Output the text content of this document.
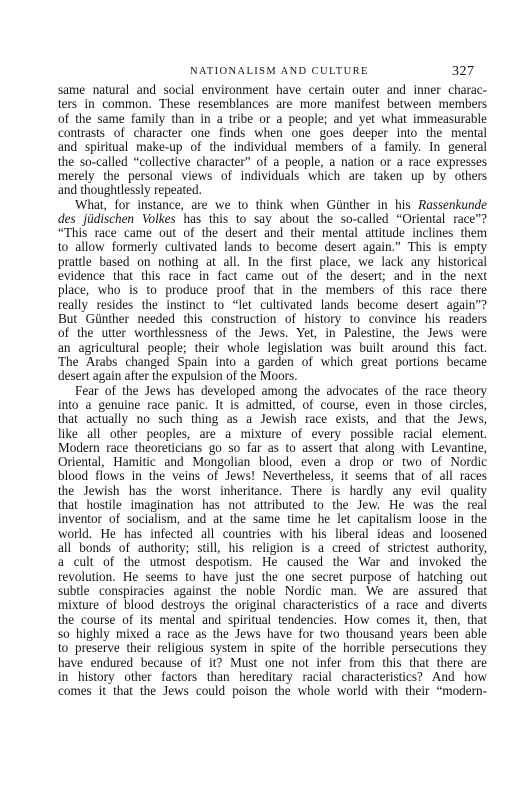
NATIONALISM AND CULTURE	327
same natural and social environment have certain outer and inner charac-
ters in common. These resemblances are more manifest between members
of the same family than in a tribe or a people; and yet what immeasurable
contrasts of character one finds when one goes deeper into the mental
and spiritual make-up of the individual members of a family. In general
the so-called “collective character” of a people, a nation or a race expresses
merely the personal views of individuals which are taken up by others
and thoughtlessly repeated.
What, for instance, are we to think when Günther in his Rassenkunde
des jüdischen Volkes has this to say about the so-called “Oriental race”?
“This race came out of the desert and their mental attitude inclines them
to allow formerly cultivated lands to become desert again.” This is empty
prattle based on nothing at all. In the first place, we lack any historical
evidence that this race in fact came out of the desert; and in the next
place, who is to produce proof that in the members of this race there
really resides the instinct to “let cultivated lands become desert again”?
But Günther needed this construction of history to convince his readers
of the utter worthlessness of the Jews. Yet, in Palestine, the Jews were
an agricultural people; their whole legislation was built around this fact.
The Arabs changed Spain into a garden of which great portions became
desert again after the expulsion of the Moors.
Fear of the Jews has developed among the advocates of the race theory
into a genuine race panic. It is admitted, of course, even in those circles,
that actually no such thing as a Jewish race exists, and that the Jews,
like all other peoples, are a mixture of every possible racial element.
Modern race theoreticians go so far as to assert that along with Levantine,
Oriental, Hamitic and Mongolian blood, even a drop or two of Nordic
blood flows in the veins of Jews! Nevertheless, it seems that of all races
the Jewish has the worst inheritance. There is hardly any evil quality
that hostile imagination has not attributed to the Jew. He was the real
inventor of socialism, and at the same time he let capitalism loose in the
world. He has infected all countries with his liberal ideas and loosened
all bonds of authority; still, his religion is a creed of strictest authority,
a cult of the utmost despotism. He caused the War and invoked the
revolution. He seems to have just the one secret purpose of hatching out
subtle conspiracies against the noble Nordic man. We are assured that
mixture of blood destroys the original characteristics of a race and diverts
the course of its mental and spiritual tendencies. How comes it, then, that
so highly mixed a race as the Jews have for two thousand years been able
to preserve their religious system in spite of the horrible persecutions they
have endured because of it? Must one not infer from this that there are
in history other factors than hereditary racial characteristics? And how
comes it that the Jews could poison the whole world with their “modern-
